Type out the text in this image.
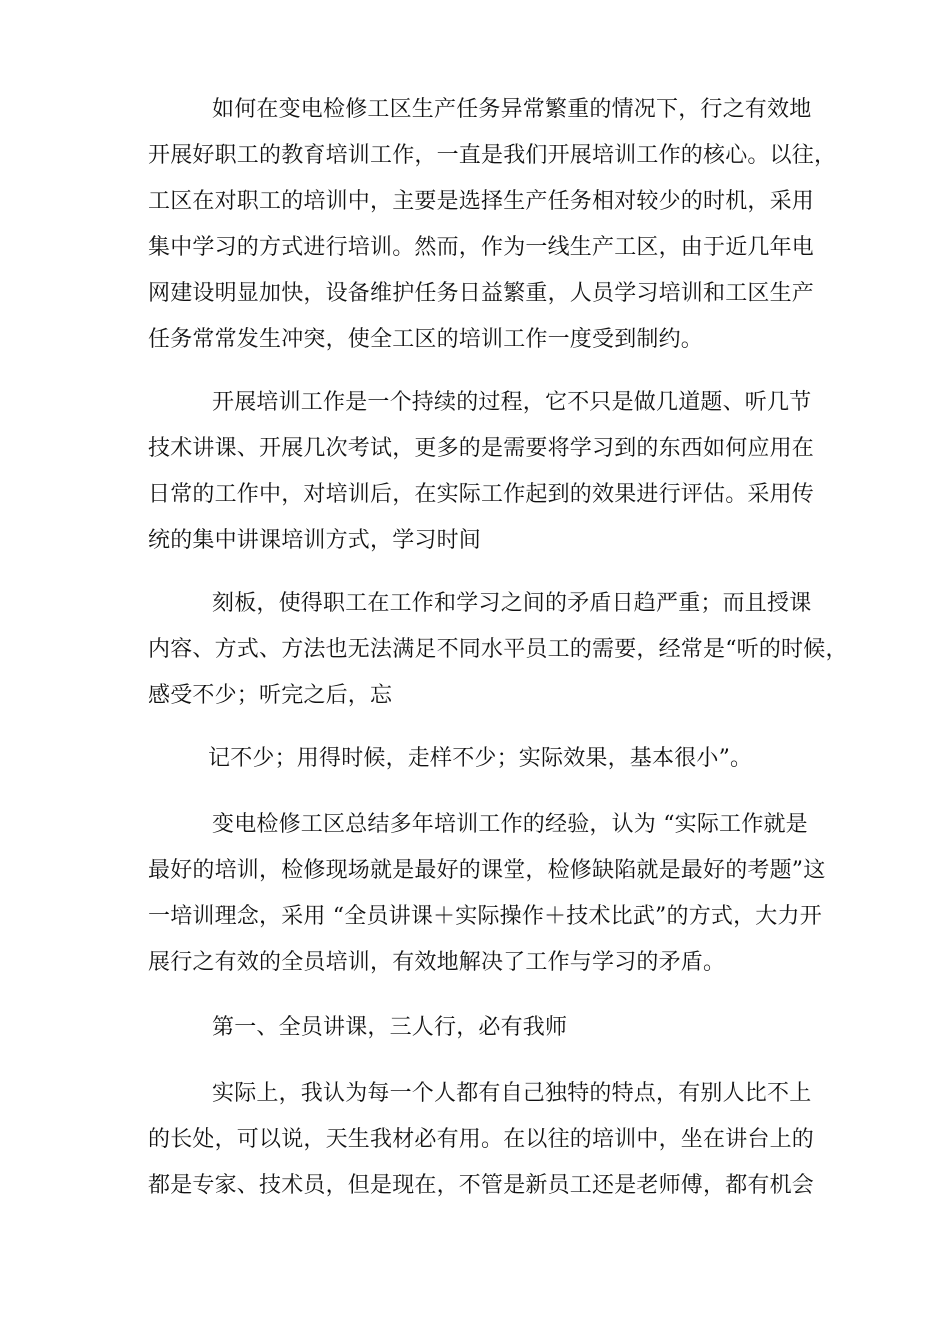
如何在变电检修工区生产任务异常繁重的情况下，行之有效地
开展好职工的教育培训工作，一直是我们开展培训工作的核心。以往，
工区在对职工的培训中，主要是选择生产任务相对较少的时机，采用
集中学习的方式进行培训。然而，作为一线生产工区，由于近几年电
网建设明显加快，设备维护任务日益繁重，人员学习培训和工区生产
任务常常发生冲突，使全工区的培训工作一度受到制约。
开展培训工作是一个持续的过程，它不只是做几道题、听几节
技术讲课、开展几次考试，更多的是需要将学习到的东西如何应用在
日常的工作中，对培训后，在实际工作起到的效果进行评估。采用传
统的集中讲课培训方式，学习时间
刻板，使得职工在工作和学习之间的矛盾日趋严重；而且授课
内容、方式、方法也无法满足不同水平员工的需要，经常是“听的时候，
感受不少；听完之后，忘
记不少；用得时候，走样不少；实际效果，基本很小”。
变电检修工区总结多年培训工作的经验，认为 “实际工作就是
最好的培训，检修现场就是最好的课堂，检修缺陷就是最好的考题”这
一培训理念，采用 “全员讲课＋实际操作＋技术比武”的方式，大力开
展行之有效的全员培训，有效地解决了工作与学习的矛盾。
第一、全员讲课，三人行，必有我师
实际上，我认为每一个人都有自己独特的特点，有别人比不上
的长处，可以说，天生我材必有用。在以往的培训中，坐在讲台上的
都是专家、技术员，但是现在，不管是新员工还是老师傅，都有机会
